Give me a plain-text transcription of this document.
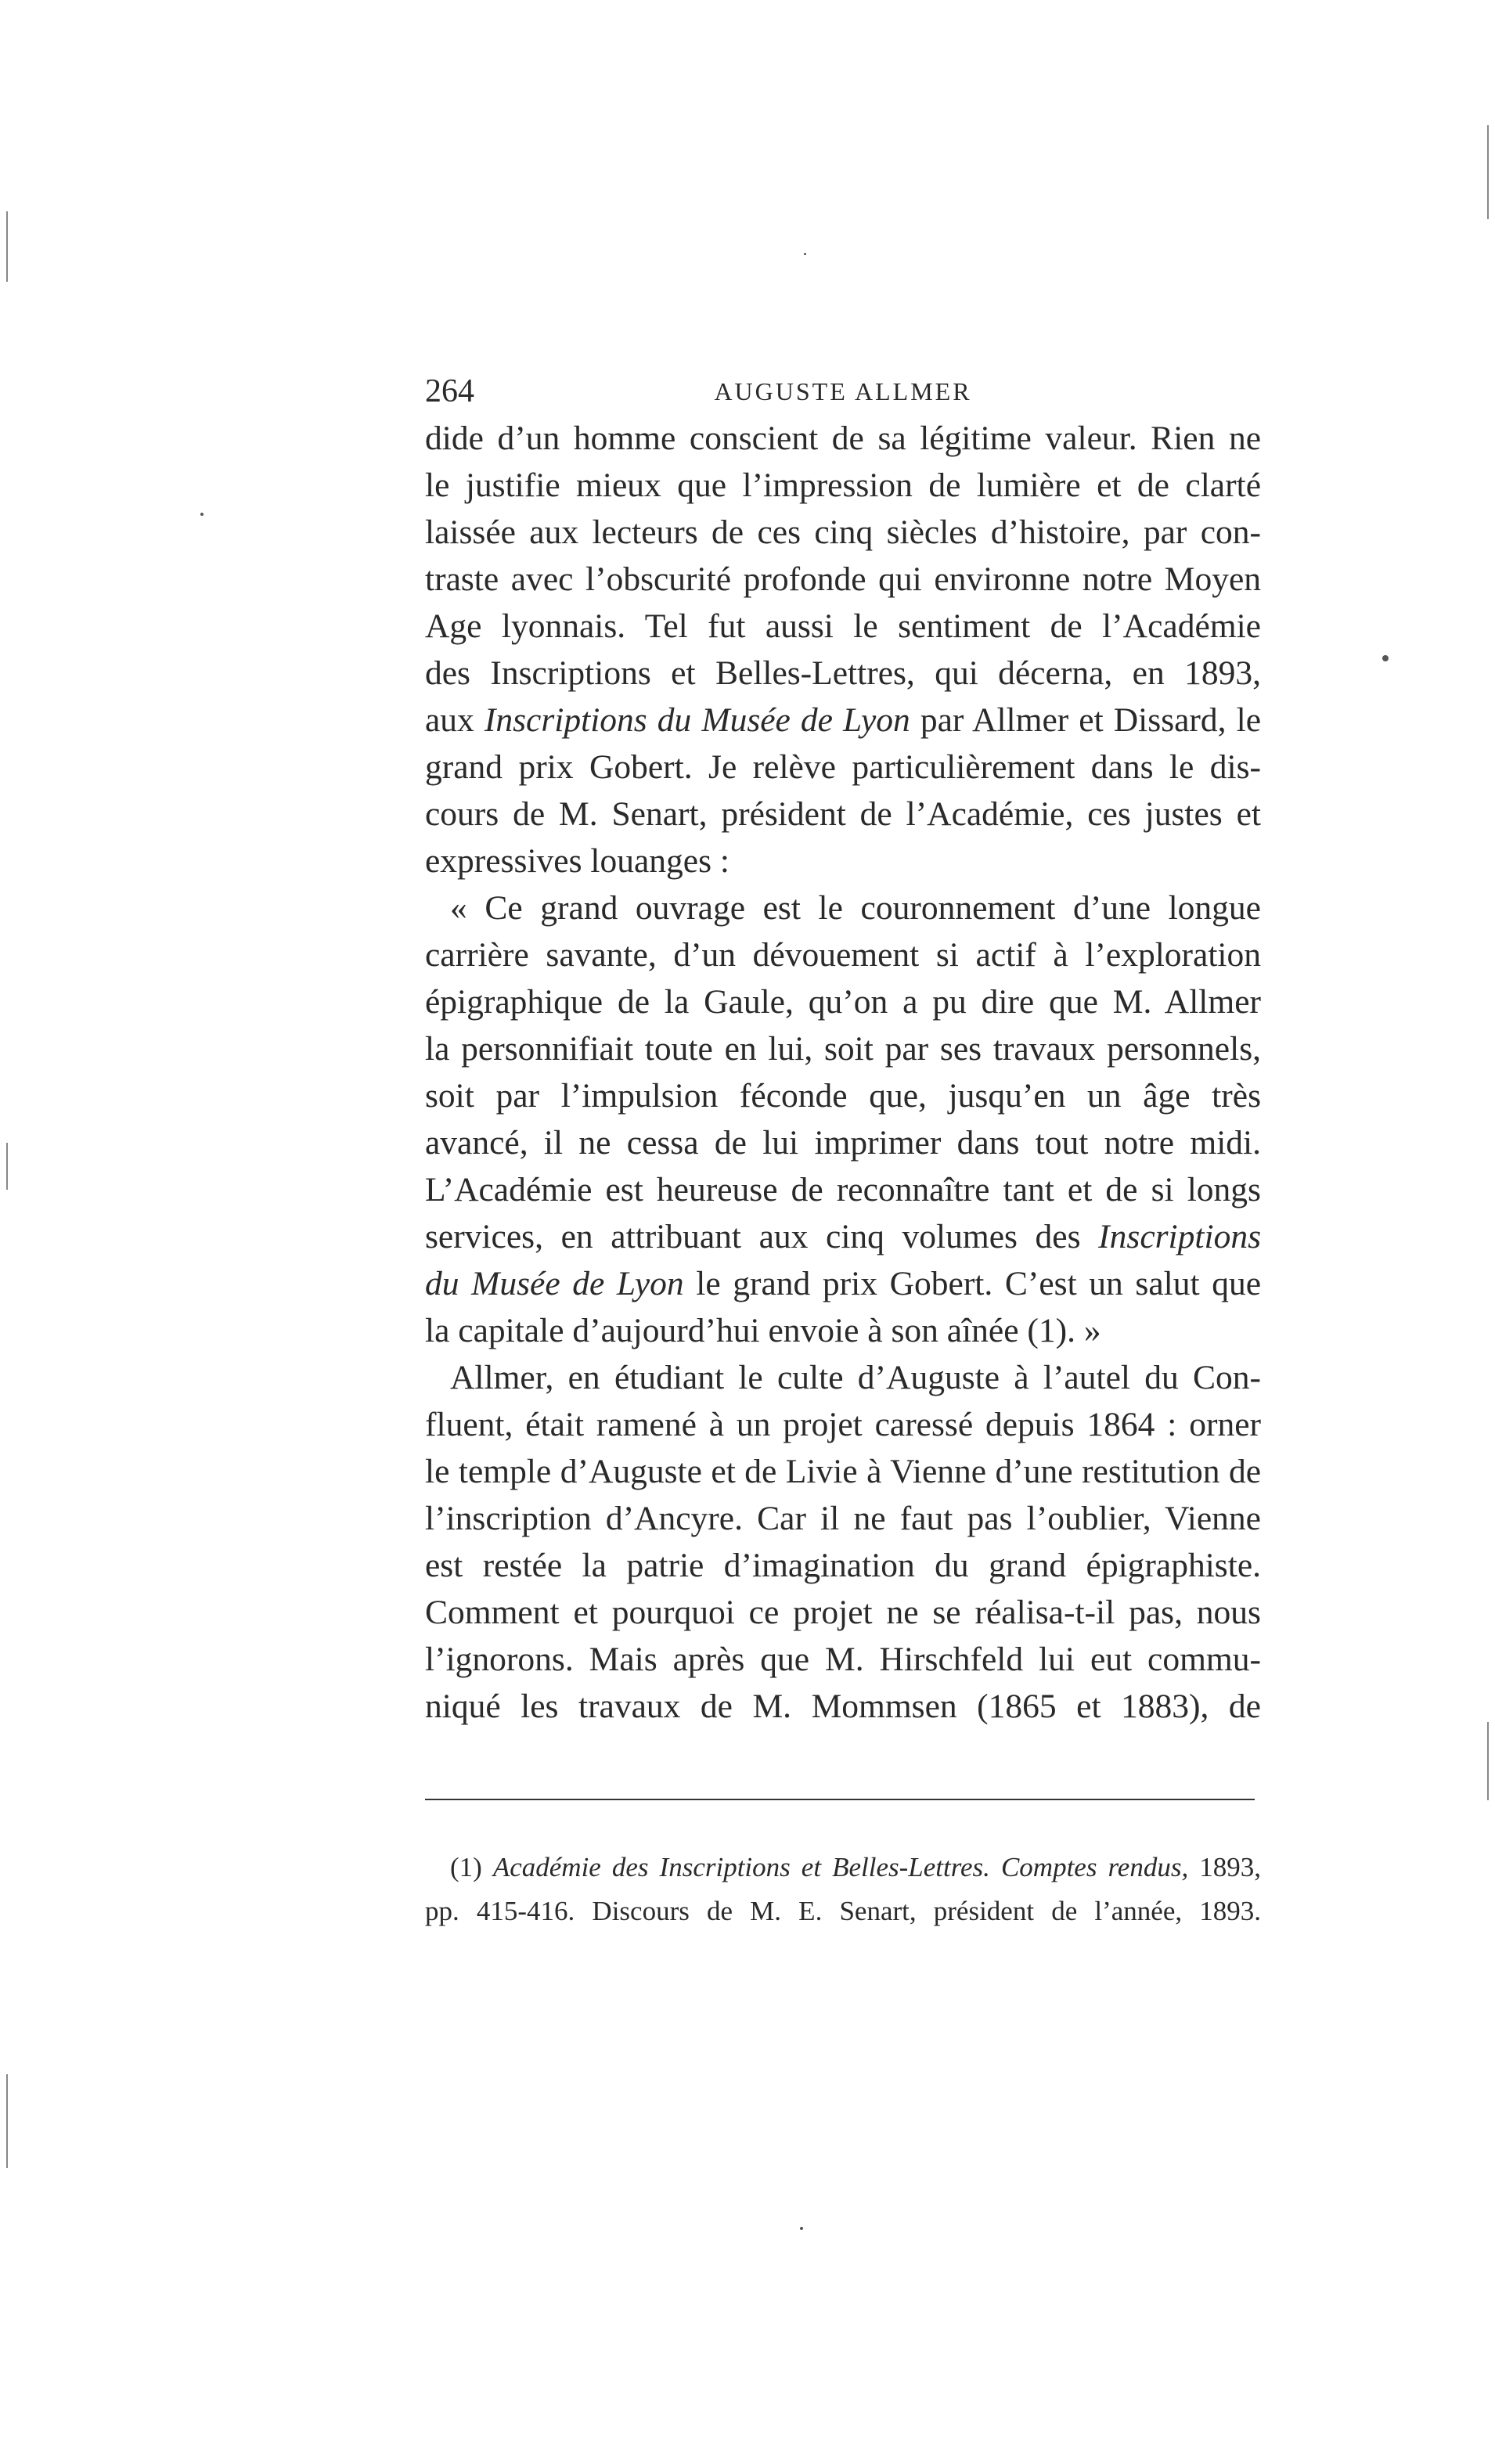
264	AUGUSTE ALLMER
dide d’un homme conscient de sa légitime valeur. Rien ne
le justifie mieux que l’impression de lumière et de clarté
laissée aux lecteurs de ces cinq siècles d’histoire, par con-
traste avec l’obscurité profonde qui environne notre Moyen
Age lyonnais. Tel fut aussi le sentiment de l’Académie
des Inscriptions et Belles-Lettres, qui décerna, en 1893,
aux Inscriptions du Musée de Lyon par Allmer et Dissard, le
grand prix Gobert. Je relève particulièrement dans le dis-
cours de M. Senart, président de l’Académie, ces justes et
expressives louanges :
« Ce grand ouvrage est le couronnement d’une longue
carrière savante, d’un dévouement si actif à l’exploration
épigraphique de la Gaule, qu’on a pu dire que M. Allmer
la personnifiait toute en lui, soit par ses travaux personnels,
soit par l’impulsion féconde que, jusqu’en un âge très
avancé, il ne cessa de lui imprimer dans tout notre midi.
L’Académie est heureuse de reconnaître tant et de si longs
services, en attribuant aux cinq volumes des Inscriptions
du Musée de Lyon le grand prix Gobert. C’est un salut que
la capitale d’aujourd’hui envoie à son aînée (1). »
Allmer, en étudiant le culte d’Auguste à l’autel du Con-
fluent, était ramené à un projet caressé depuis 1864 : orner
le temple d’Auguste et de Livie à Vienne d’une restitution de
l’inscription d’Ancyre. Car il ne faut pas l’oublier, Vienne
est restée la patrie d’imagination du grand épigraphiste.
Comment et pourquoi ce projet ne se réalisa-t-il pas, nous
l’ignorons. Mais après que M. Hirschfeld lui eut commu-
niqué les travaux de M. Mommsen (1865 et 1883), de
(1) Académie des Inscriptions et Belles-Lettres. Comptes rendus, 1893,
pp. 415-416. Discours de M. E. Senart, président de l’année, 1893.
